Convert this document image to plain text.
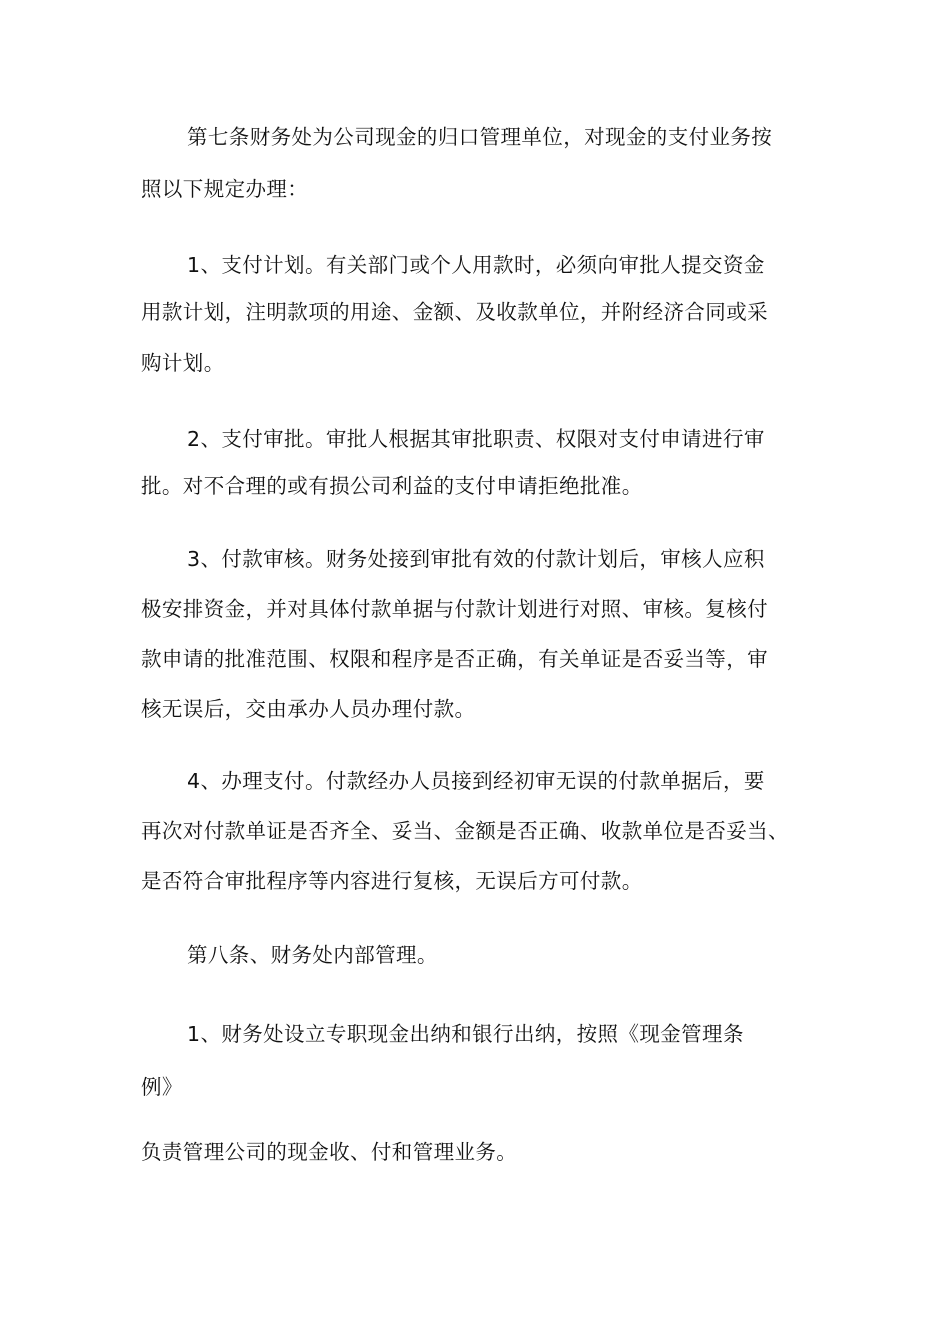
第七条财务处为公司现金的归口管理单位，对现金的支付业务按
照以下规定办理：
1、支付计划。有关部门或个人用款时，必须向审批人提交资金
用款计划，注明款项的用途、金额、及收款单位，并附经济合同或采
购计划。
2、支付审批。审批人根据其审批职责、权限对支付申请进行审
批。对不合理的或有损公司利益的支付申请拒绝批准。
3、付款审核。财务处接到审批有效的付款计划后，审核人应积
极安排资金，并对具体付款单据与付款计划进行对照、审核。复核付
款申请的批准范围、权限和程序是否正确，有关单证是否妥当等，审
核无误后，交由承办人员办理付款。
4、办理支付。付款经办人员接到经初审无误的付款单据后，要
再次对付款单证是否齐全、妥当、金额是否正确、收款单位是否妥当、
是否符合审批程序等内容进行复核，无误后方可付款。
第八条、财务处内部管理。
1、财务处设立专职现金出纳和银行出纳，按照《现金管理条
例》
负责管理公司的现金收、付和管理业务。
